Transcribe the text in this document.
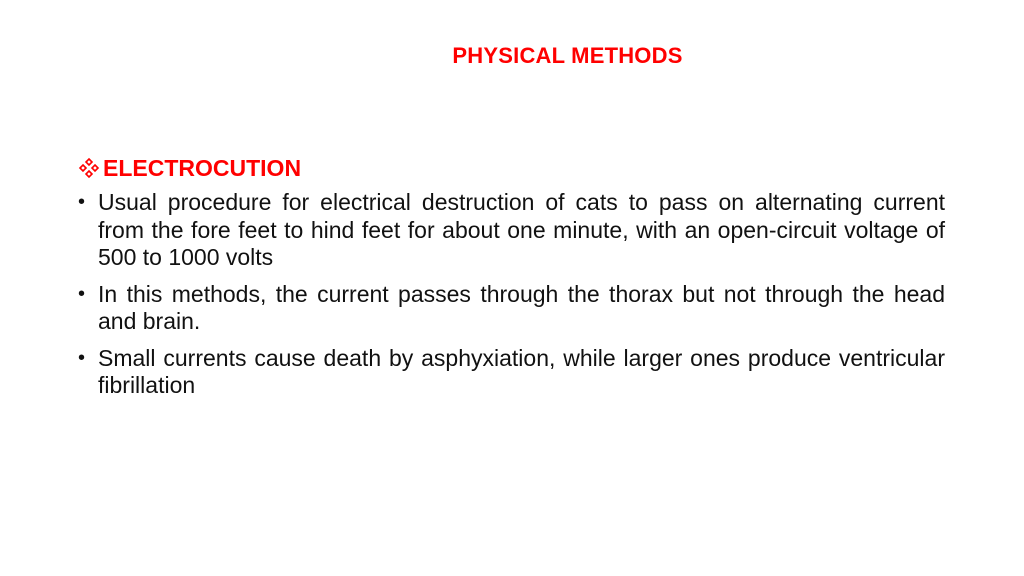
PHYSICAL METHODS
ELECTROCUTION
• Usual procedure for electrical destruction of cats to pass on alternating current from the fore feet to hind feet for about one minute, with an open-circuit voltage of 500 to 1000 volts
• In this methods, the current passes through the thorax but not through the head and brain.
• Small currents cause death by asphyxiation, while larger ones produce ventricular fibrillation
